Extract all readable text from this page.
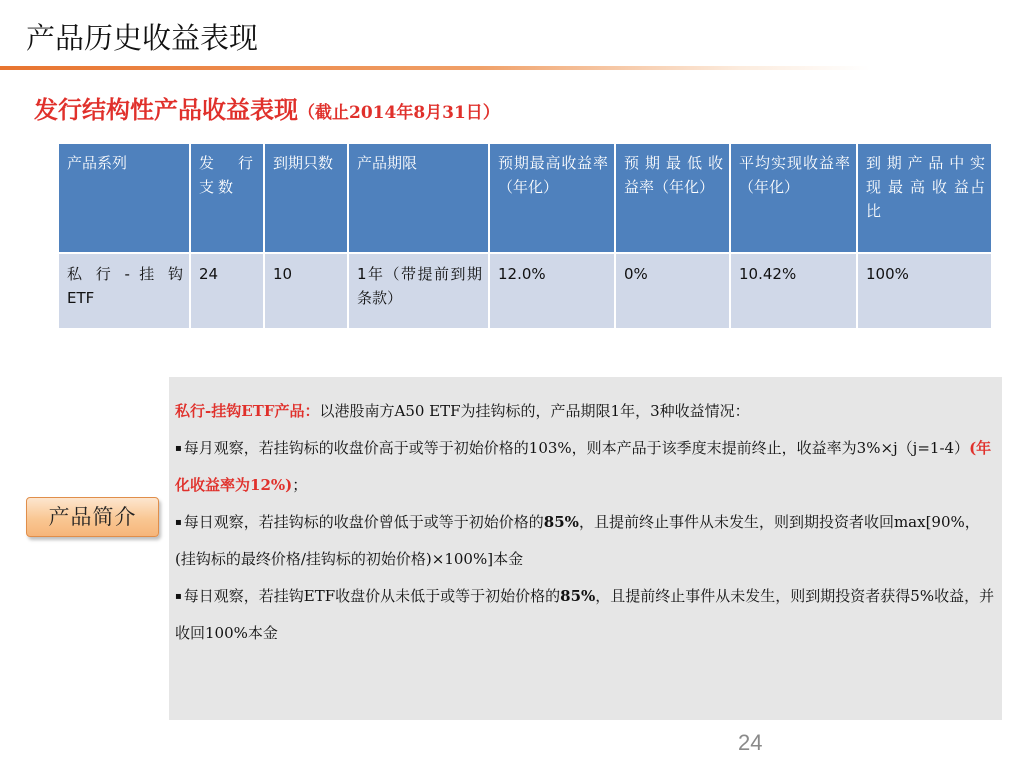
产品历史收益表现
发行结构性产品收益表现（截止2014年8月31日）
产品系列	发 行 支数	到期只数	产品期限	预期最高收益率（年化）	预 期 最 低 收益率（年化）	平均实现收益率（年化）	到 期 产 品 中 实 现 最 高 收 益占比
私 行 - 挂 钩 ETF	24	10	1年（带提前到期条款）	12.0%	0%	10.42%	100%
产品简介

私行-挂钩ETF产品：以港股南方A50 ETF为挂钩标的，产品期限1年，3种收益情况：

▪ 每月观察，若挂钩标的收盘价高于或等于初始价格的103%，则本产品于该季度末提前终止，收益率为3%×j（j=1-4）(年化收益率为12%)；

▪ 每日观察，若挂钩标的收盘价曾低于或等于初始价格的85%，且提前终止事件从未发生，则到期投资者收回max[90%，(挂钩标的最终价格/挂钩标的初始价格)×100%]本金

▪ 每日观察，若挂钩ETF收盘价从未低于或等于初始价格的85%，且提前终止事件从未发生，则到期投资者获得5%收益，并收回100%本金

24
